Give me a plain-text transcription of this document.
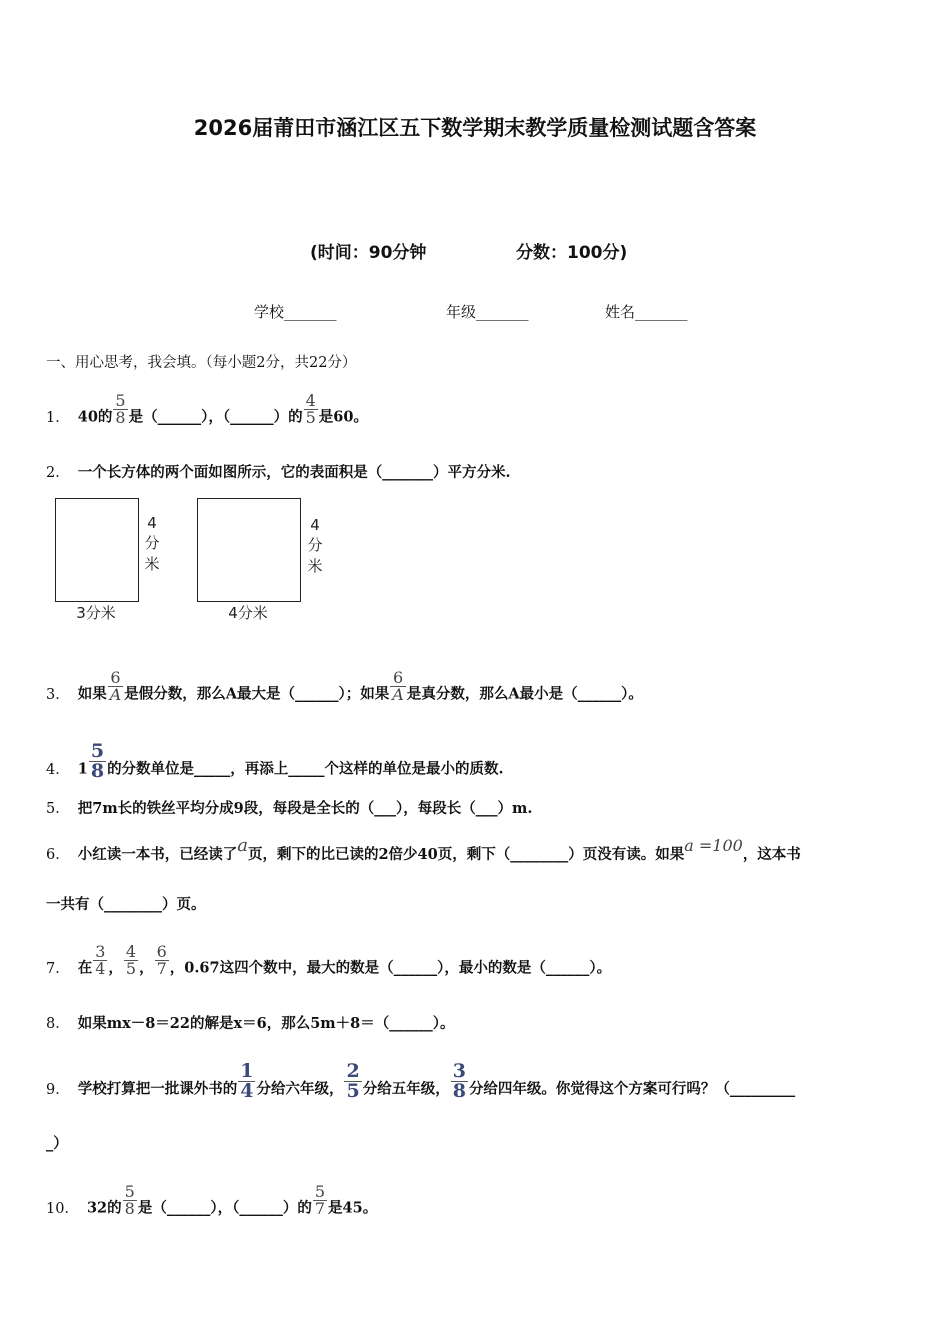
2026届莆田市涵江区五下数学期末教学质量检测试题含答案
(时间：90分钟	分数：100分)
学校_______	年级_______	姓名_______
一、用心思考，我会填。（每小题2分，共22分）
1． 40的 $\frac{5}{8}$ 是（______），（______）的 $\frac{4}{5}$ 是60。
2． 一个长方体的两个面如图所示，它的表面积是（_______）平方分米.
4
分
米
3分米
4
分
米
4分米
3． 如果 $\frac{6}{A}$ 是假分数，那么A最大是（______）；如果 $\frac{6}{A}$ 是真分数，那么A最小是（______）。
4． $1 \frac{5}{8}$ 的分数单位是_____，再添上_____个这样的单位是最小的质数.
5． 把7m长的铁丝平均分成9段，每段是全长的（___），每段长（___）m.
6． 小红读一本书，已经读了a页，剩下的比已读的2倍少40页，剩下（________）页没有读。如果a =100，这本书
一共有（________）页。
7． 在 $\frac{3}{4}$ ， $\frac{4}{5}$ ， $\frac{6}{7}$ ，0.67这四个数中，最大的数是（______），最小的数是（______）。
8． 如果mx－8＝22的解是x＝6，那么5m＋8＝（______）。
9． 学校打算把一批课外书的 $\frac{1}{4}$ 分给六年级， $\frac{2}{5}$ 分给五年级， $\frac{3}{8}$ 分给四年级。你觉得这个方案可行吗？（_________
_）
10． 32的 $\frac{5}{8}$ 是（______），（______）的 $\frac{5}{7}$ 是45。
